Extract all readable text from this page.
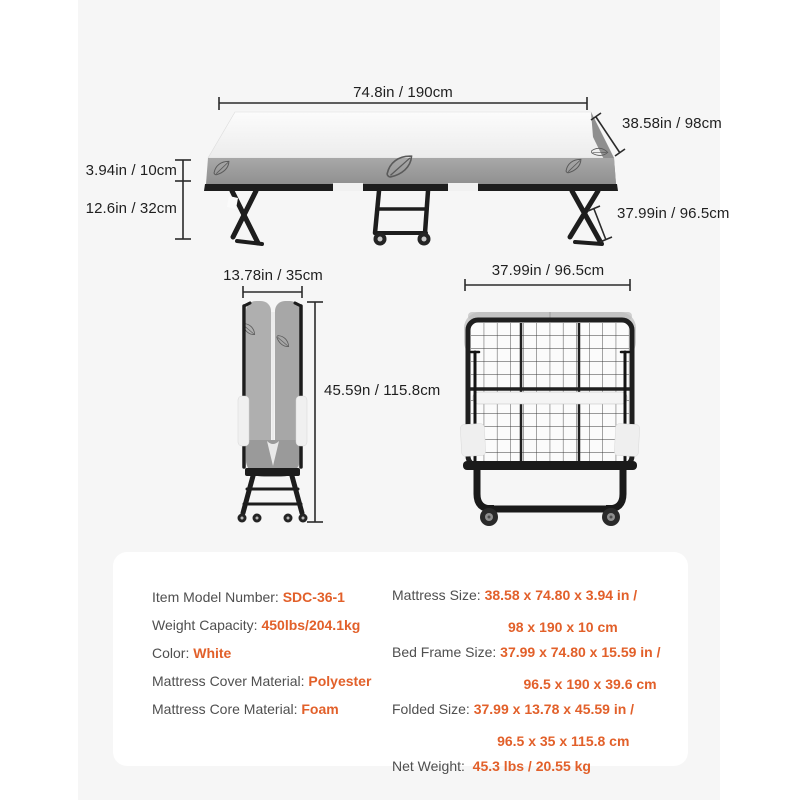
74.8in / 190cm
38.58in / 98cm
3.94in / 10cm
12.6in / 32cm	37.99in / 96.5cm
13.78in / 35cm
45.59n / 115.8cm
37.99in / 96.5cm
Item Model Number: SDC-36-1
Weight Capacity: 450lbs/204.1kg
Color: White
Mattress Cover Material: Polyester
Mattress Core Material: Foam
Mattress Size: 38.58 x 74.80 x 3.94 in /

98 x 190 x 10 cm
Bed Frame Size: 37.99 x 74.80 x 15.59 in /

96.5 x 190 x 39.6 cm
Folded Size: 37.99 x 13.78 x 45.59 in /

96.5 x 35 x 115.8 cm
Net Weight: 45.3 lbs / 20.55 kg
